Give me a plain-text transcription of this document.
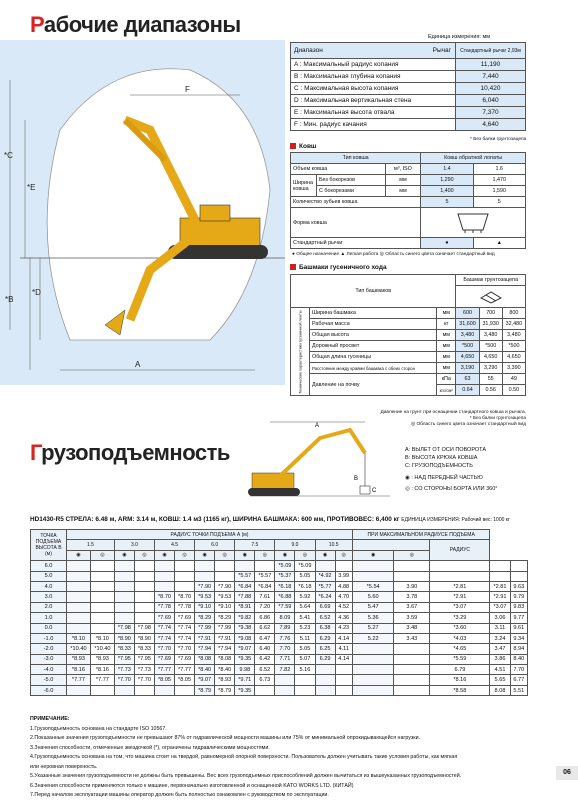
Рабочие диапазоны
*C
*E
*D
*B
A
F
Единица измерения: мм
Диапазон Рычаг	Стандартный рычаг 2,93м
A : Максимальный радиус копания	11,190
B : Максимальная глубина копания	7,440
C : Максимальная высота копания	10,420
D : Максимальная вертикальная стена	6,040
E : Максимальная высота отвала	7,370
F : Мин. радиус качания	4,640
* Без балки грунтозацепа
Ковш
Тип ковша			Ковш обратной лопаты	
Объем ковша		м³, ISO	1.4	1.6
Ширина ковша	Без бокорезов	мм	1,290	1,470
	С бокорезами	мм	1,400	1,590
Количество зубьев ковша			5	5
Форма ковша	
Стандартный рычаг			●	▲
● Общее назначение ▲ Легкая работа ◎ Область синего цвета означает стандартный вид
Башмаки гусеничного хода
Тип башмаков			Башмак грунтозацепа		

Технические характеристики гусеничной ленты	Ширина башмака	мм	600	700	800
	Рабочая масса	кг	31,600	31,930	32,480
	Общая высота	мм	3,480	3,480	3,480
	Дорожный просвет	мм	*500	*500	*500
	Общая длина гусеницы	мм	4,650	4,650	4,650
	Расстояние между краями башмака с обеих сторон	мм	3,190	3,290	3,390
	Давление на почву	кПа	63	55	49
		кгс/см²	0.64	0.56	0.50
Давление на грунт при оснащении стандартного ковша и рычага.
* Без балки грунтозацепа
◎ Область синего цвета означает стандартный вид
Грузоподъемность
A
B
C
A: ВЫЛЕТ ОТ ОСИ ПОВОРОТА
B: ВЫСОТА КРЮКА КОВША
C: ГРУЗОПОДЪЕМНОСТЬ
◉ : НАД ПЕРЕДНЕЙ ЧАСТЬЮ
◎ : СО СТОРОНЫ БОРТА ИЛИ 360°
HD1430-R5 СТРЕЛА: 6.48 м, ARM: 3.14 м, КОВШ: 1.4 м3 (1165 кг), ШИРИНА БАШМАКА: 600 мм, ПРОТИВОВЕС: 6,400 кг ЕДИНИЦА ИЗМЕРЕНИЯ: Рабочий вес: 1000 кг
ТОЧКА ПОДЪЕМА ВЫСОТА В (м)	РАДИУС ТОЧКИ ПОДЪЕМА А (м)														ПРИ МАКСИМАЛЬНОМ РАДИУСЕ ПОДЪЕМА				
	1.5		3.0		4.5		6.0		7.5		9.0		10.5				РАДИУС		
	◉	◎	◉	◎	◉	◎	◉	◎	◉	◎	◉	◎	◉	◎	◉	◎			
6.0											*5.09	*5.09							
5.0									*5.57	*5.57	*5.37	5.05	*4.92	3.99					
4.0							*7.90	*7.90	*6.84	*6.84	*6.18	*6.18	*5.77	4.88	*5.54	3.90	*2.81	*2.81	9.63
3.0					*8.70	*8.70	*9.53	*9.53	*7.88	7.61	*6.88	5.92	*6.24	4.70	5.60	3.78	*2.91	*2.91	9.79
2.0					*7.78	*7.78	*9.10	*9.10	*8.91	7.20	*7.59	5.64	6.69	4.52	5.47	3.67	*3.07	*3.07	9.83
1.0					*7.69	*7.69	*8.29	*8.29	*9.82	6.86	8.09	5.41	6.52	4.36	5.36	3.59	*3.29	3.06	9.77
0.0			*7.98	*7.98	*7.74	*7.74	*7.99	*7.99	*9.38	6.62	7.89	5.23	6.38	4.23	5.27	3.48	*3.60	3.11	9.61
-1.0	*8.10	*8.10	*8.90	*8.90	*7.74	*7.74	*7.91	*7.91	*9.08	6.47	7.76	5.11	6.29	4.14	5.22	3.43	*4.03	3.24	9.34
-2.0	*10.40	*10.40	*8.33	*8.33	*7.70	*7.70	*7.94	*7.94	*9.07	6.40	7.70	5.05	6.25	4.11			*4.65	3.47	8.94
-3.0	*8.93	*8.93	*7.95	*7.95	*7.69	*7.69	*8.08	*8.08	*9.35	6.42	7.71	5.07	6.29	4.14			*5.59	3.86	8.40
-4.0	*8.16	*8.16	*7.73	*7.73	*7.77	*7.77	*8.40	*8.40	9.98	6.52	7.82	5.16					6.79	4.51	7.70
-5.0	*7.77	*7.77	*7.70	*7.70	*8.05	*8.05	*9.07	*8.93	*9.71	6.73							*8.16	5.65	6.77
-6.0							*8.79	*8.79	*9.35								*8.58	8.08	5.51
ПРИМЕЧАНИЕ:
1.Грузоподъемность основана на стандарте ISO 10567.
2.Показанные значения грузоподъемности не превышают 87% от гидравлической мощности машины или 75% от минимальной опрокидывающейся нагрузки.
3.Значения способности, отмеченные звездочкой (*), ограничены гидравлическими мощностями.
4.Грузоподъемность основана на том, что машина стоит на твердой, равномерной опорной поверхности. Пользователь должен учитывать такие условия работы, как мягкая
или неровная поверхность.
5.Указанные значения грузоподъемности не должны быть превышены. Вес всех грузоподъемных приспособлений должен вычитаться из вышеуказанных грузоподъемностей.
6.Значения способности применяются только к машине, первоначально изготовленной и оснащенной KATO WORKS LTD. (КИТАЙ)
7.Перед началом эксплуатации машины оператор должен быть полностью ознакомлен с руководством по эксплуатации.
06
